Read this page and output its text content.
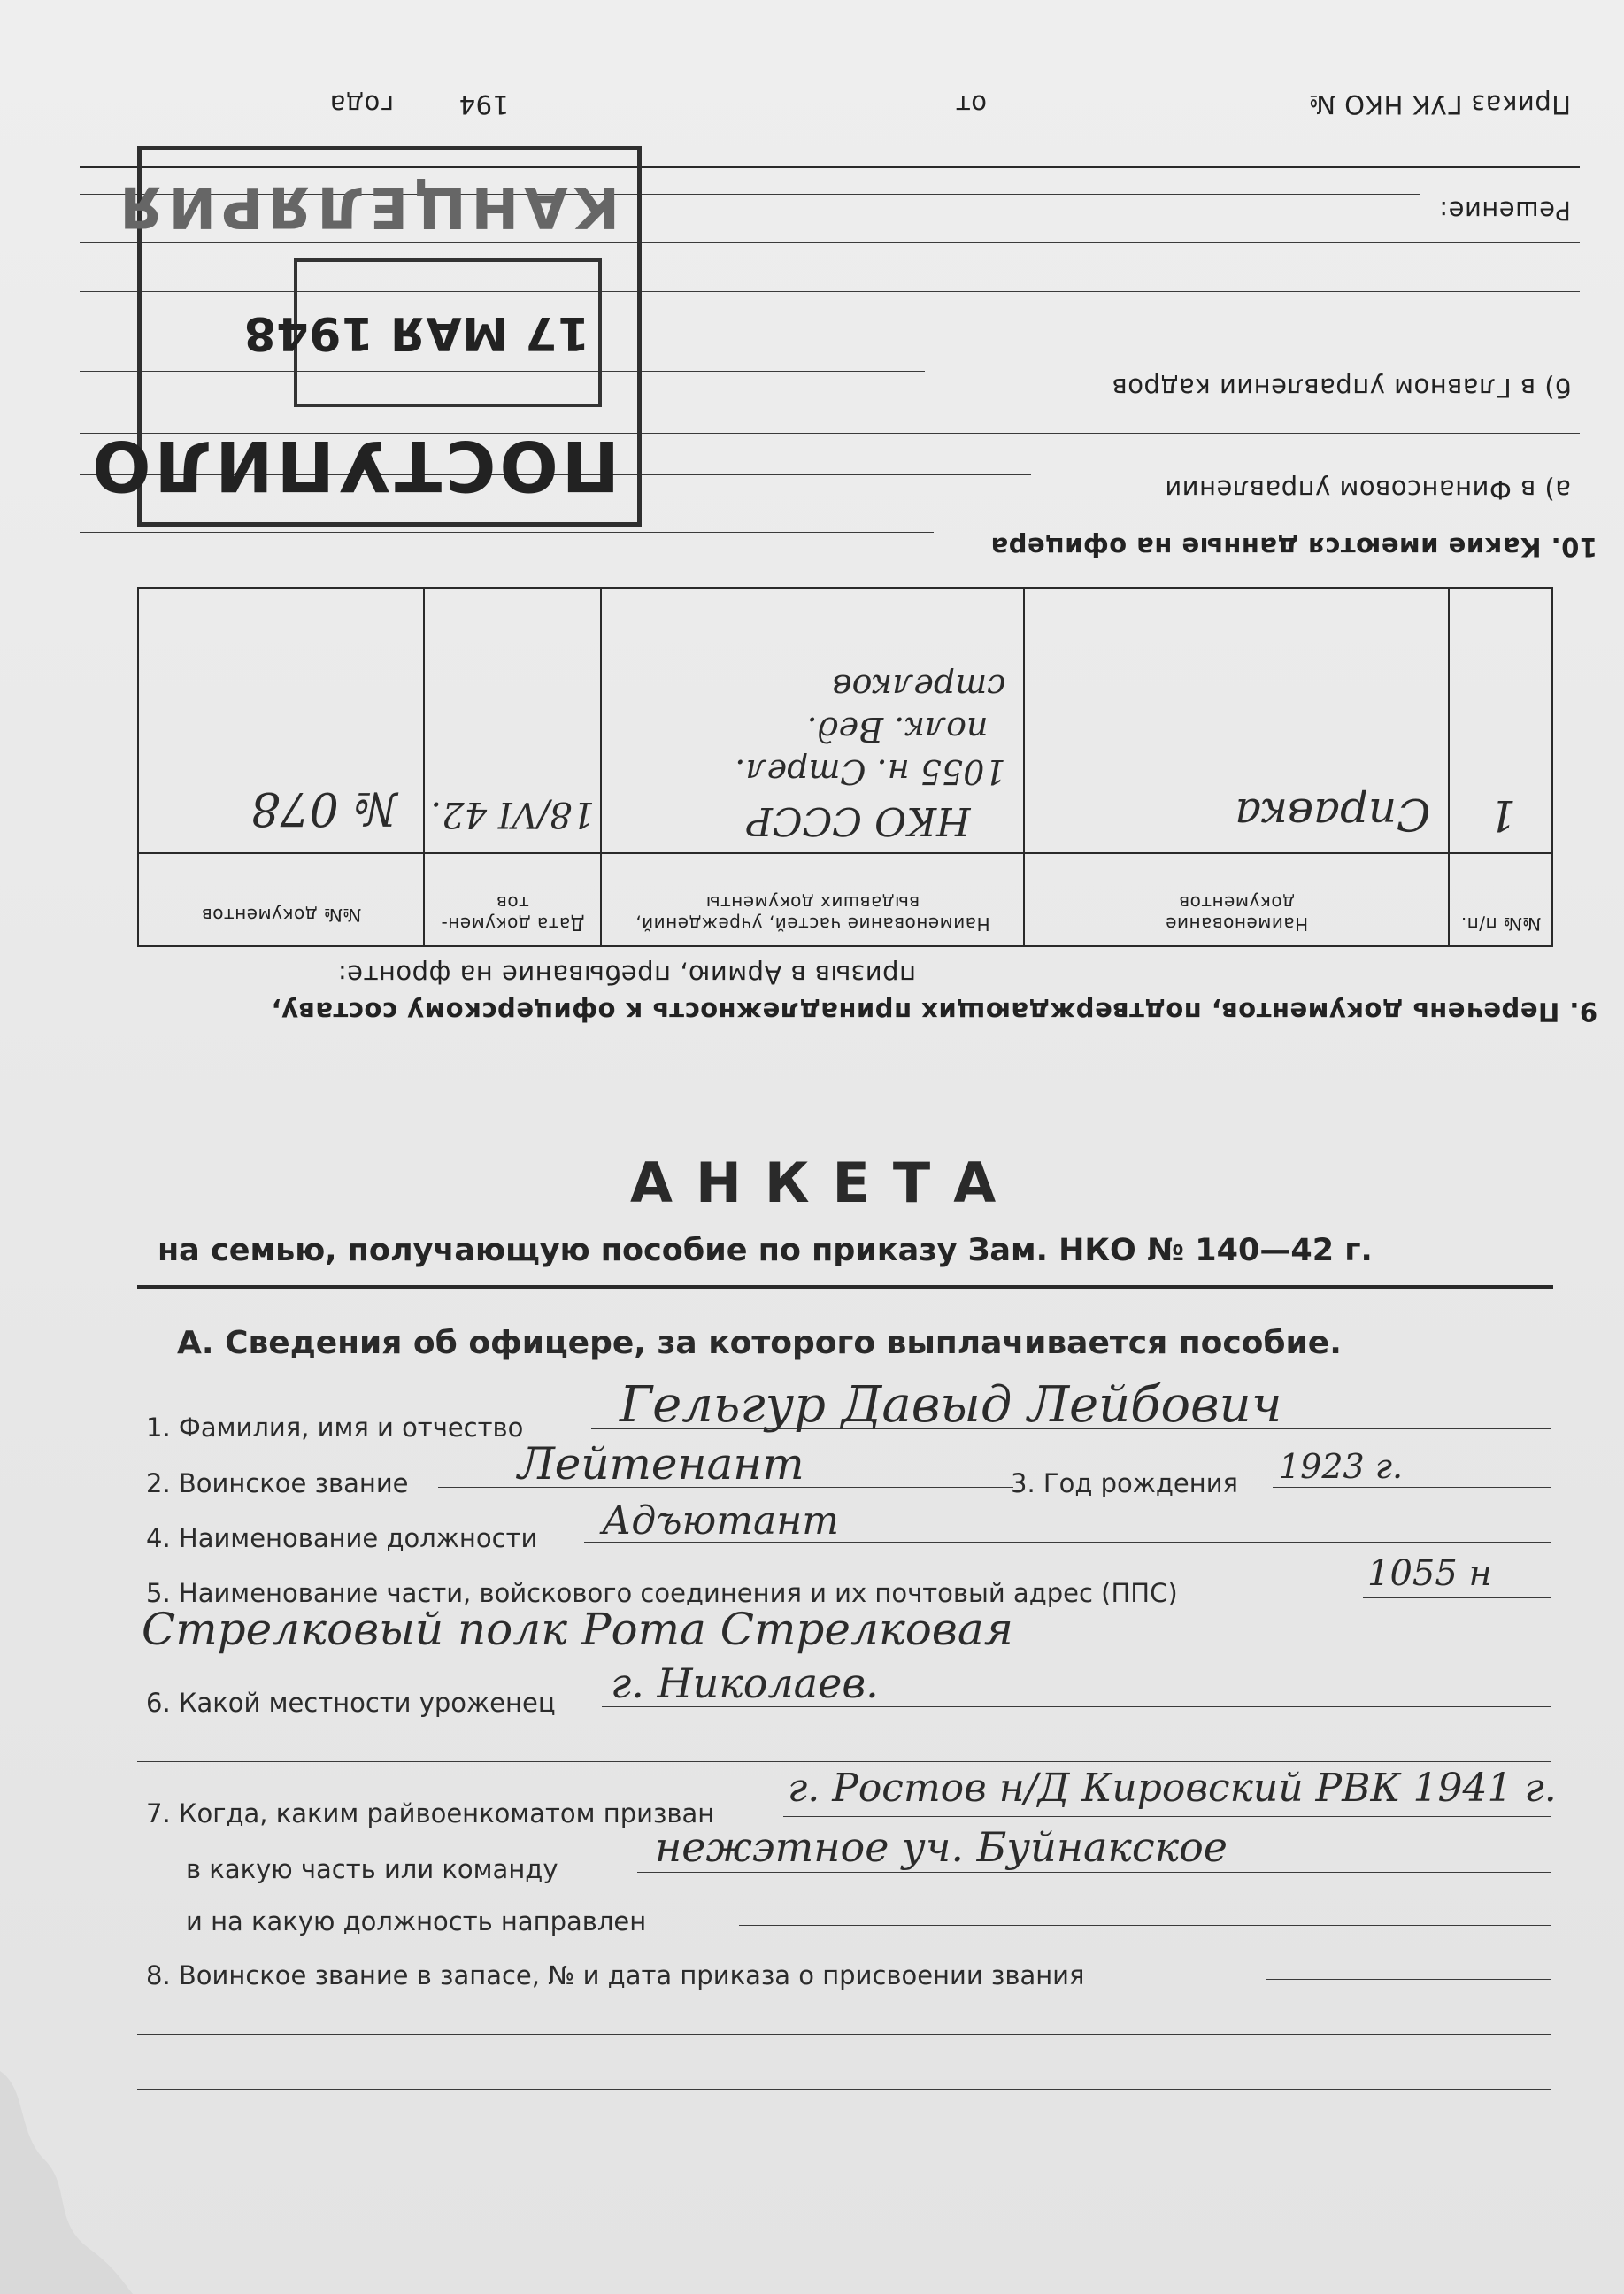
Приказ ГУК НКО №
от
194
года
Решение:
б) в Главном управлении кадров
а) в Финансовом управлении
10. Какие имеются данные на офицера
№№ п/п.	Наименование документов	Наименование частей, учреждений, выдавших документы	Дата докумен-тов	№№ документов

1	Справка	НКО СССР
1055 н. Стрел.
полк. Вед.
стрелков	18/VI 42.	№ 078
9. Перечень документов, подтверждающих принадлежность к офицерскому составу,
призыв в Армию, пребывание на фронте:
ПОСТУПИЛО
17 МАЯ 1948
КАНЦЕЛЯРИЯ
АНКЕТА
на семью, получающую пособие по приказу Зам. НКО № 140—42 г.
А. Сведения об офицере, за которого выплачивается пособие.
1. Фамилия, имя и отчество Гельгур Давыд Лейбович
2. Воинское звание Лейтенант	3. Год рождения 1923 г.
4. Наименование должности Адъютант
5. Наименование части, войскового соединения и их почтовый адрес (ППС)	1055 н
Стрелковый полк Рота Стрелковая
6. Какой местности уроженец г. Николаев.
7. Когда, каким райвоенкоматом призван
г. Ростов н/Д Кировский РВК 1941 г.
в какую часть или команду нежэтное уч. Буйнакское
и на какую должность направлен
8. Воинское звание в запасе, № и дата приказа о присвоении звания
